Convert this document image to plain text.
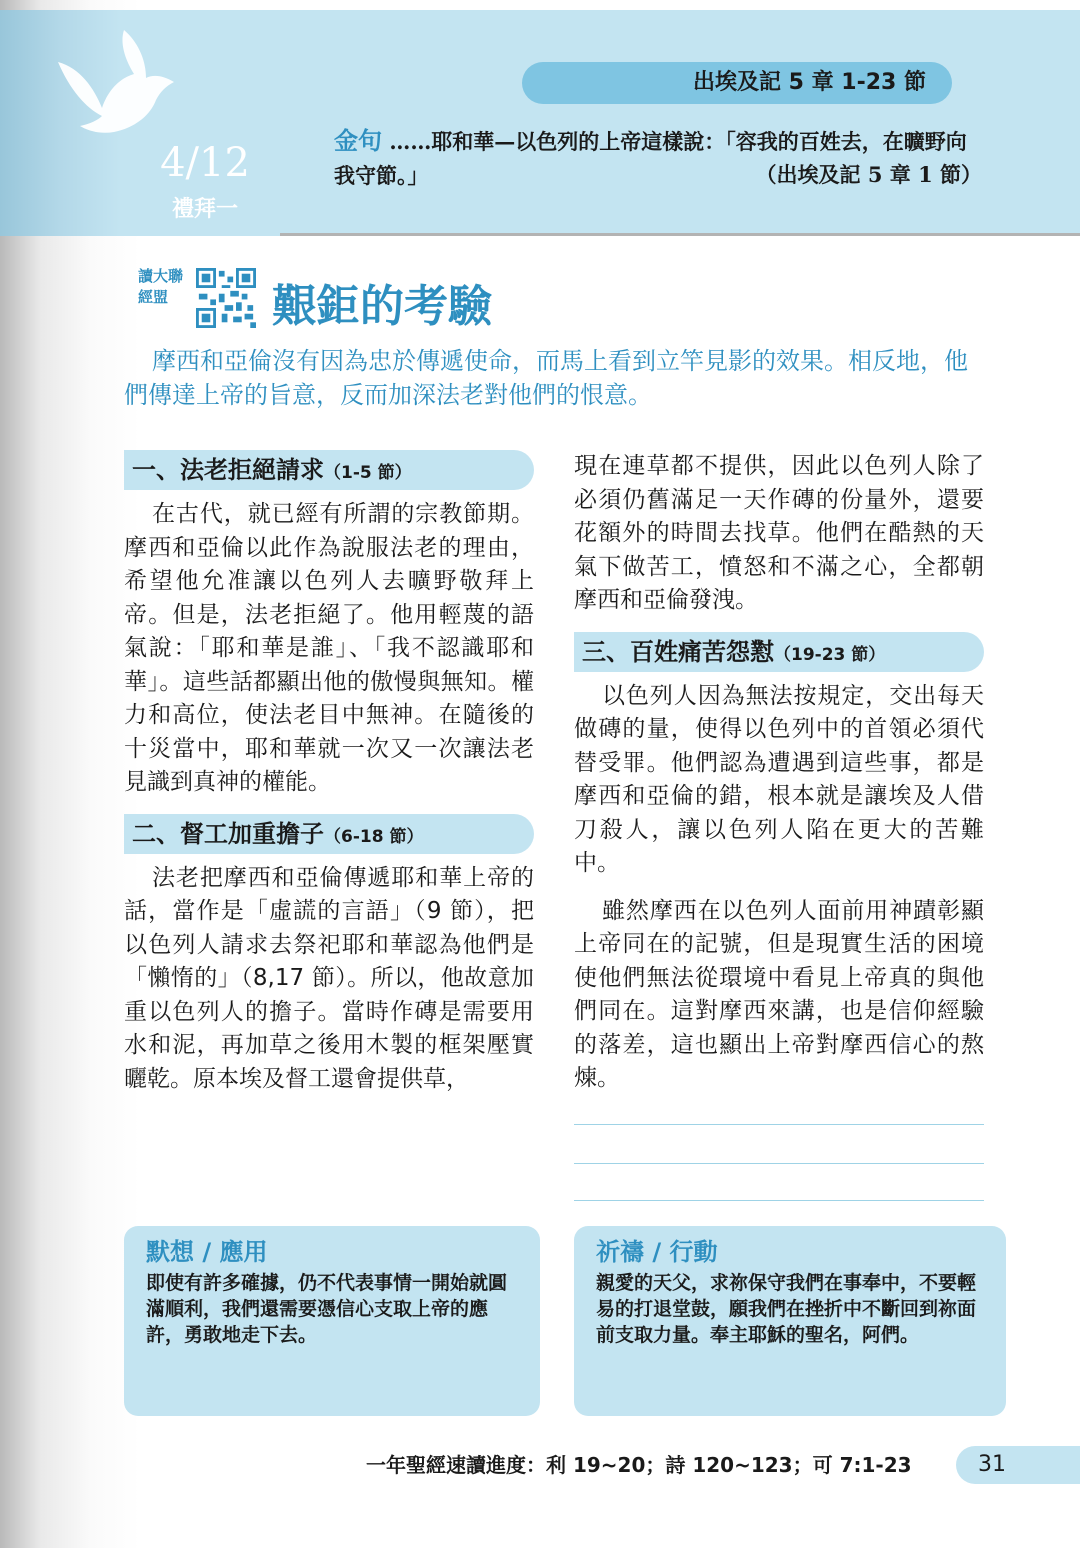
4/12
禮拜一
出埃及記 5 章 1-23 節
金句 ……耶和華—以色列的上帝這樣說：「容我的百姓去，在曠野向我守節。」	（出埃及記 5 章 1 節）
讀大聯經盟	艱鉅的考驗
摩西和亞倫沒有因為忠於傳遞使命，而馬上看到立竿見影的效果。相反地，他們傳達上帝的旨意，反而加深法老對他們的恨意。
一、法老拒絕請求（1-5 節）

在古代，就已經有所謂的宗教節期。摩西和亞倫以此作為說服法老的理由，希望他允准讓以色列人去曠野敬拜上帝。但是，法老拒絕了。他用輕蔑的語氣說：「耶和華是誰」、「我不認識耶和華」。這些話都顯出他的傲慢與無知。權力和高位，使法老目中無神。在隨後的十災當中，耶和華就一次又一次讓法老見識到真神的權能。

二、督工加重擔子（6-18 節）

法老把摩西和亞倫傳遞耶和華上帝的話，當作是「虛謊的言語」（9 節），把以色列人請求去祭祀耶和華認為他們是「懶惰的」（8,17 節）。所以，他故意加重以色列人的擔子。當時作磚是需要用水和泥，再加草之後用木製的框架壓實曬乾。原本埃及督工還會提供草，

現在連草都不提供，因此以色列人除了必須仍舊滿足一天作磚的份量外，還要花額外的時間去找草。他們在酷熱的天氣下做苦工，憤怒和不滿之心，全都朝摩西和亞倫發洩。

三、百姓痛苦怨懟（19-23 節）

以色列人因為無法按規定，交出每天做磚的量，使得以色列中的首領必須代替受罪。他們認為遭遇到這些事，都是摩西和亞倫的錯，根本就是讓埃及人借刀殺人，讓以色列人陷在更大的苦難中。

雖然摩西在以色列人面前用神蹟彰顯上帝同在的記號，但是現實生活的困境使他們無法從環境中看見上帝真的與他們同在。這對摩西來講，也是信仰經驗的落差，這也顯出上帝對摩西信心的熬煉。

默想 / 應用
即使有許多確據，仍不代表事情一開始就圓滿順利，我們還需要憑信心支取上帝的應許，勇敢地走下去。
祈禱 / 行動
親愛的天父，求祢保守我們在事奉中，不要輕易的打退堂鼓，願我們在挫折中不斷回到祢面前支取力量。奉主耶穌的聖名，阿們。
一年聖經速讀進度：利 19~20；詩 120~123；可 7:1-23	31
